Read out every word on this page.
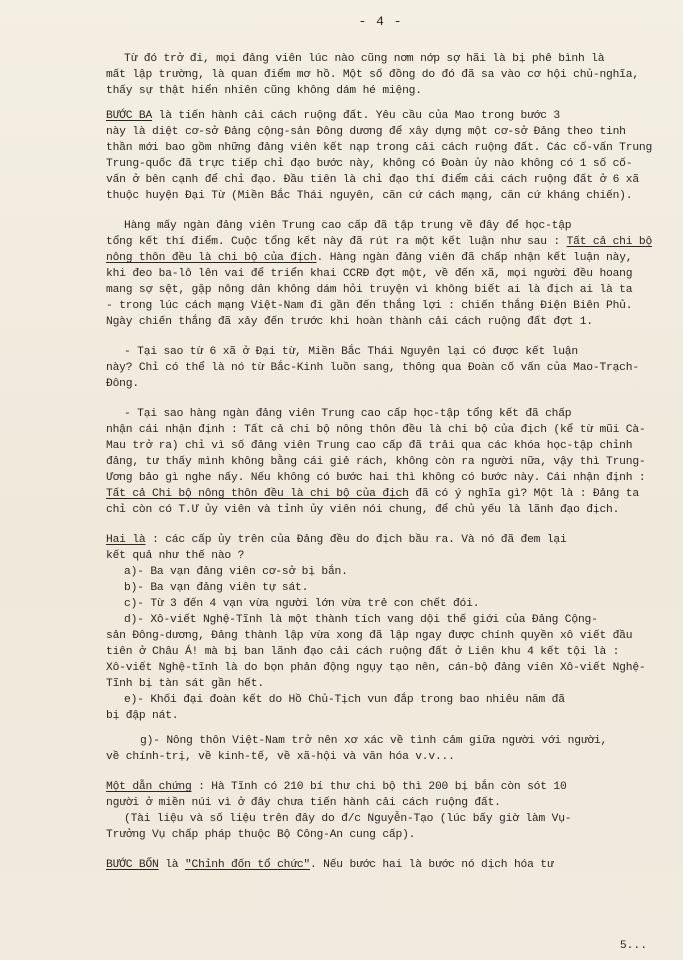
- 4 -

Từ đó trở đi, mọi đảng viên lúc nào cũng nơm nớp sợ hãi là bị phê bình là

mất lập trường, là quan điểm mơ hồ. Một số đồng do đó đã sa vào cơ hội chủ-nghĩa,

thấy sự thật hiển nhiên cũng không dám hé miệng.

BƯỚC BA là tiến hành cải cách ruộng đất. Yêu cầu của Mao trong bước 3

này là diệt cơ-sở Đảng cộng-sản Đông dương để xây dựng một cơ-sở Đảng theo tinh

thần mới bao gồm những đảng viên kết nạp trong cải cách ruộng đất. Các cố-vấn Trung

Trung-quốc đã trực tiếp chỉ đạo bước này, không có Đoàn ủy nào không có 1 số cố-

vấn ở bên cạnh để chỉ đạo. Đầu tiên là chỉ đạo thí điểm cải cách ruộng đất ở 6 xã

thuộc huyện Đại Từ (Miền Bắc Thái nguyên, căn cứ cách mạng, căn cứ kháng chiến).

Hàng mấy ngàn đảng viên Trung cao cấp đã tập trung về đây để học-tập

tổng kết thí điểm. Cuộc tổng kết này đã rút ra một kết luận như sau : Tất cả chi bộ

nông thôn đều là chi bộ của địch. Hàng ngàn đảng viên đã chấp nhận kết luận này,

khi đeo ba-lô lên vai để triển khai CCRĐ đợt một, về đến xã, mọi người đều hoang

mang sợ sệt, gặp nông dân không dám hỏi truyện vì không biết ai là địch ai là ta

- trong lúc cách mạng Việt-Nam đi gần đến thắng lợi : chiến thắng Điện Biên Phủ.

Ngày chiến thắng đã xảy đến trước khi hoàn thành cải cách ruộng đất đợt 1.

- Tại sao từ 6 xã ở Đại từ, Miền Bắc Thái Nguyên lại có được kết luận

này? Chỉ có thể là nó từ Bắc-Kinh luồn sang, thông qua Đoàn cố vấn của Mao-Trạch-

Đông.

- Tại sao hàng ngàn đảng viên Trung cao cấp học-tập tổng kết đã chấp

nhận cái nhận định : Tất cả chi bộ nông thôn đều là chi bộ của địch (kể từ mũi Cà-

Mau trở ra) chỉ vì số đảng viên Trung cao cấp đã trải qua các khóa học-tập chỉnh

đảng, tư thấy mình không bằng cái giẻ rách, không còn ra người nữa, vậy thì Trung-

Ương bảo gì nghe nấy. Nếu không có bước hai thì không có bước này. Cái nhận định :

Tất cả Chi bộ nông thôn đều là chi bộ của địch đã có ý nghĩa gì? Một là : Đảng ta

chỉ còn có T.Ư ủy viên và tỉnh ủy viên nói chung, để chủ yếu là lãnh đạo địch.

Hai là : các cấp ủy trên của Đảng đều do địch bầu ra. Và nó đã đem lại

kết quả như thế nào ?

a)- Ba vạn đảng viên cơ-sở bị bắn.

b)- Ba vạn đảng viên tự sát.

c)- Từ 3 đến 4 vạn vừa người lớn vừa trẻ con chết đói.

d)- Xô-viết Nghệ-Tĩnh là một thành tích vang dội thế giới của Đảng Cộng-

sản Đông-dương, Đảng thành lập vừa xong đã lập ngay được chính quyền xô viết đầu

tiên ở Châu Á! mà bị ban lãnh đạo cải cách ruộng đất ở Liên khu 4 kết tội là :

Xô-viết Nghệ-tĩnh là do bọn phản động ngụy tạo nên, cán-bộ đảng viên Xô-viết Nghệ-

Tĩnh bị tàn sát gần hết.

e)- Khối đại đoàn kết do Hồ Chủ-Tịch vun đắp trong bao nhiêu năm đã

bị đập nát.

g)- Nông thôn Việt-Nam trở nên xơ xác về tình cảm giữa người với người,

về chính-trị, về kinh-tế, về xã-hội và văn hóa v.v...

Một dẫn chứng : Hà Tĩnh có 210 bí thư chi bộ thì 200 bị bắn còn sót 10

người ở miền núi vì ở đây chưa tiến hành cải cách ruộng đất.

(Tài liệu và số liệu trên đây do đ/c Nguyễn-Tạo (lúc bấy giờ làm Vụ-

Trưởng Vụ chấp pháp thuộc Bộ Công-An cung cấp).

BƯỚC BỐN là "Chỉnh đốn tổ chức". Nếu bước hai là bước nó dịch hóa tư

5...
